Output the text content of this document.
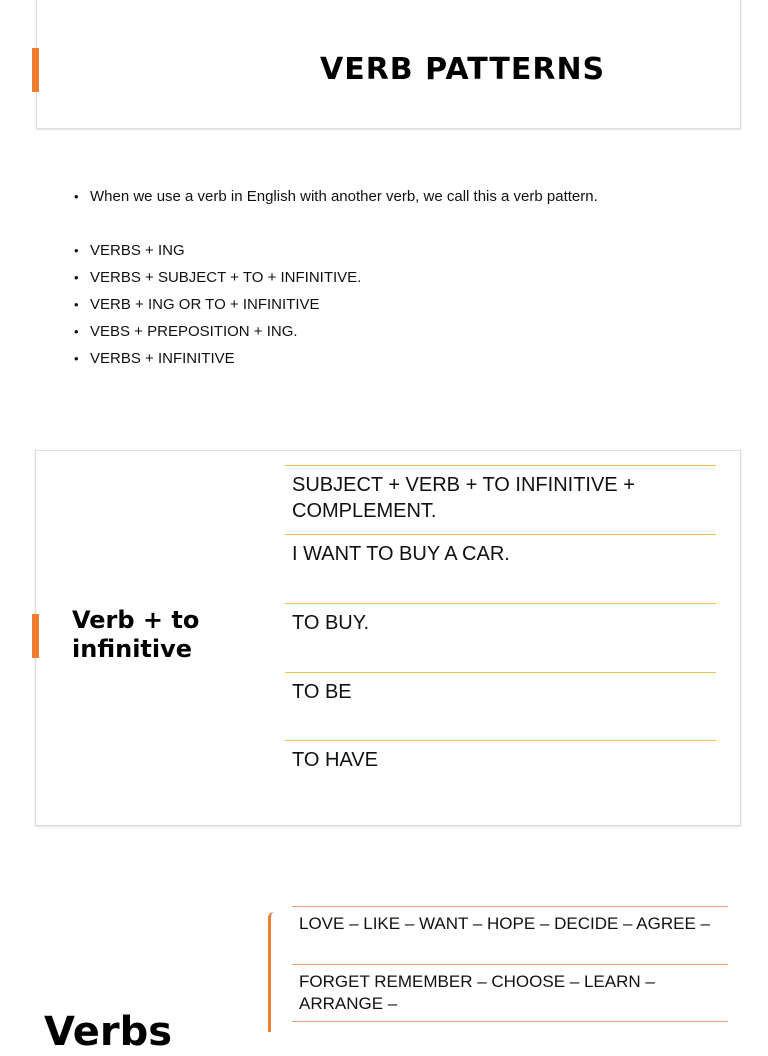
VERB PATTERNS
• When we use a verb in English with another verb, we call this a verb pattern.
• VERBS + ING
• VERBS + SUBJECT + TO + INFINITIVE.
• VERB + ING OR TO + INFINITIVE
• VEBS + PREPOSITION + ING.
• VERBS + INFINITIVE
Verb + to
infinitive
SUBJECT + VERB + TO INFINITIVE + COMPLEMENT.
I WANT TO BUY A CAR.
TO BUY.
TO BE
TO HAVE
Verbs
LOVE – LIKE – WANT – HOPE – DECIDE – AGREE –
FORGET REMEMBER – CHOOSE – LEARN – ARRANGE –
